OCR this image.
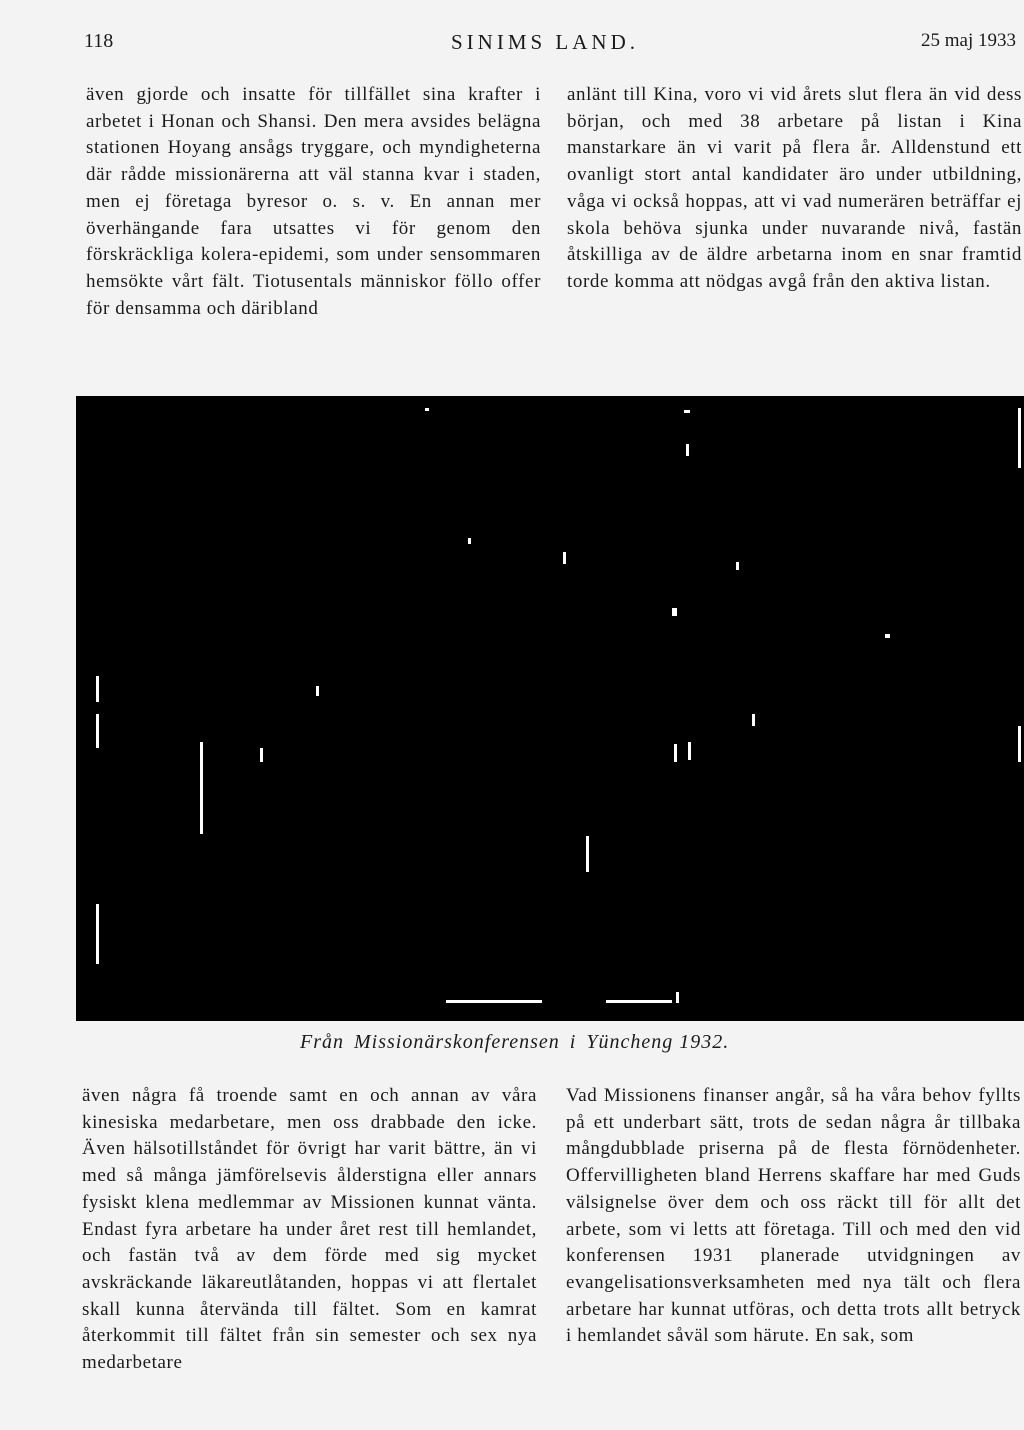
118	SINIMS LAND.	25 maj 1933

även gjorde och insatte för tillfället sina krafter i arbetet i Honan och Shansi. Den mera avsides belägna stationen Hoyang ansågs tryggare, och myndigheterna där rådde missionärerna att väl stanna kvar i staden, men ej företaga byresor o. s. v. En annan mer överhängande fara utsattes vi för genom den förskräckliga kolera-epidemi, som under sensommaren hemsökte vårt fält. Tiotusentals människor föllo offer för densamma och däribland

anlänt till Kina, voro vi vid årets slut flera än vid dess början, och med 38 arbetare på listan i Kina manstarkare än vi varit på flera år. Alldenstund ett ovanligt stort antal kandidater äro under utbildning, våga vi också hoppas, att vi vad numerären beträffar ej skola behöva sjunka under nuvarande nivå, fastän åtskilliga av de äldre arbetarna inom en snar framtid torde komma att nödgas avgå från den aktiva listan.

Från Missionärskonferensen i Yüncheng 1932.

även några få troende samt en och annan av våra kinesiska medarbetare, men oss drabbade den icke. Även hälsotillståndet för övrigt har varit bättre, än vi med så många jämförelsevis ålderstigna eller annars fysiskt klena medlemmar av Missionen kunnat vänta. Endast fyra arbetare ha under året rest till hemlandet, och fastän två av dem förde med sig mycket avskräckande läkareutlåtanden, hoppas vi att flertalet skall kunna återvända till fältet. Som en kamrat återkommit till fältet från sin semester och sex nya medarbetare

Vad Missionens finanser angår, så ha våra behov fyllts på ett underbart sätt, trots de sedan några år tillbaka mångdubblade priserna på de flesta förnödenheter. Offervilligheten bland Herrens skaffare har med Guds välsignelse över dem och oss räckt till för allt det arbete, som vi letts att företaga. Till och med den vid konferensen 1931 planerade utvidgningen av evangelisationsverksamheten med nya tält och flera arbetare har kunnat utföras, och detta trots allt betryck i hemlandet såväl som härute. En sak, som
